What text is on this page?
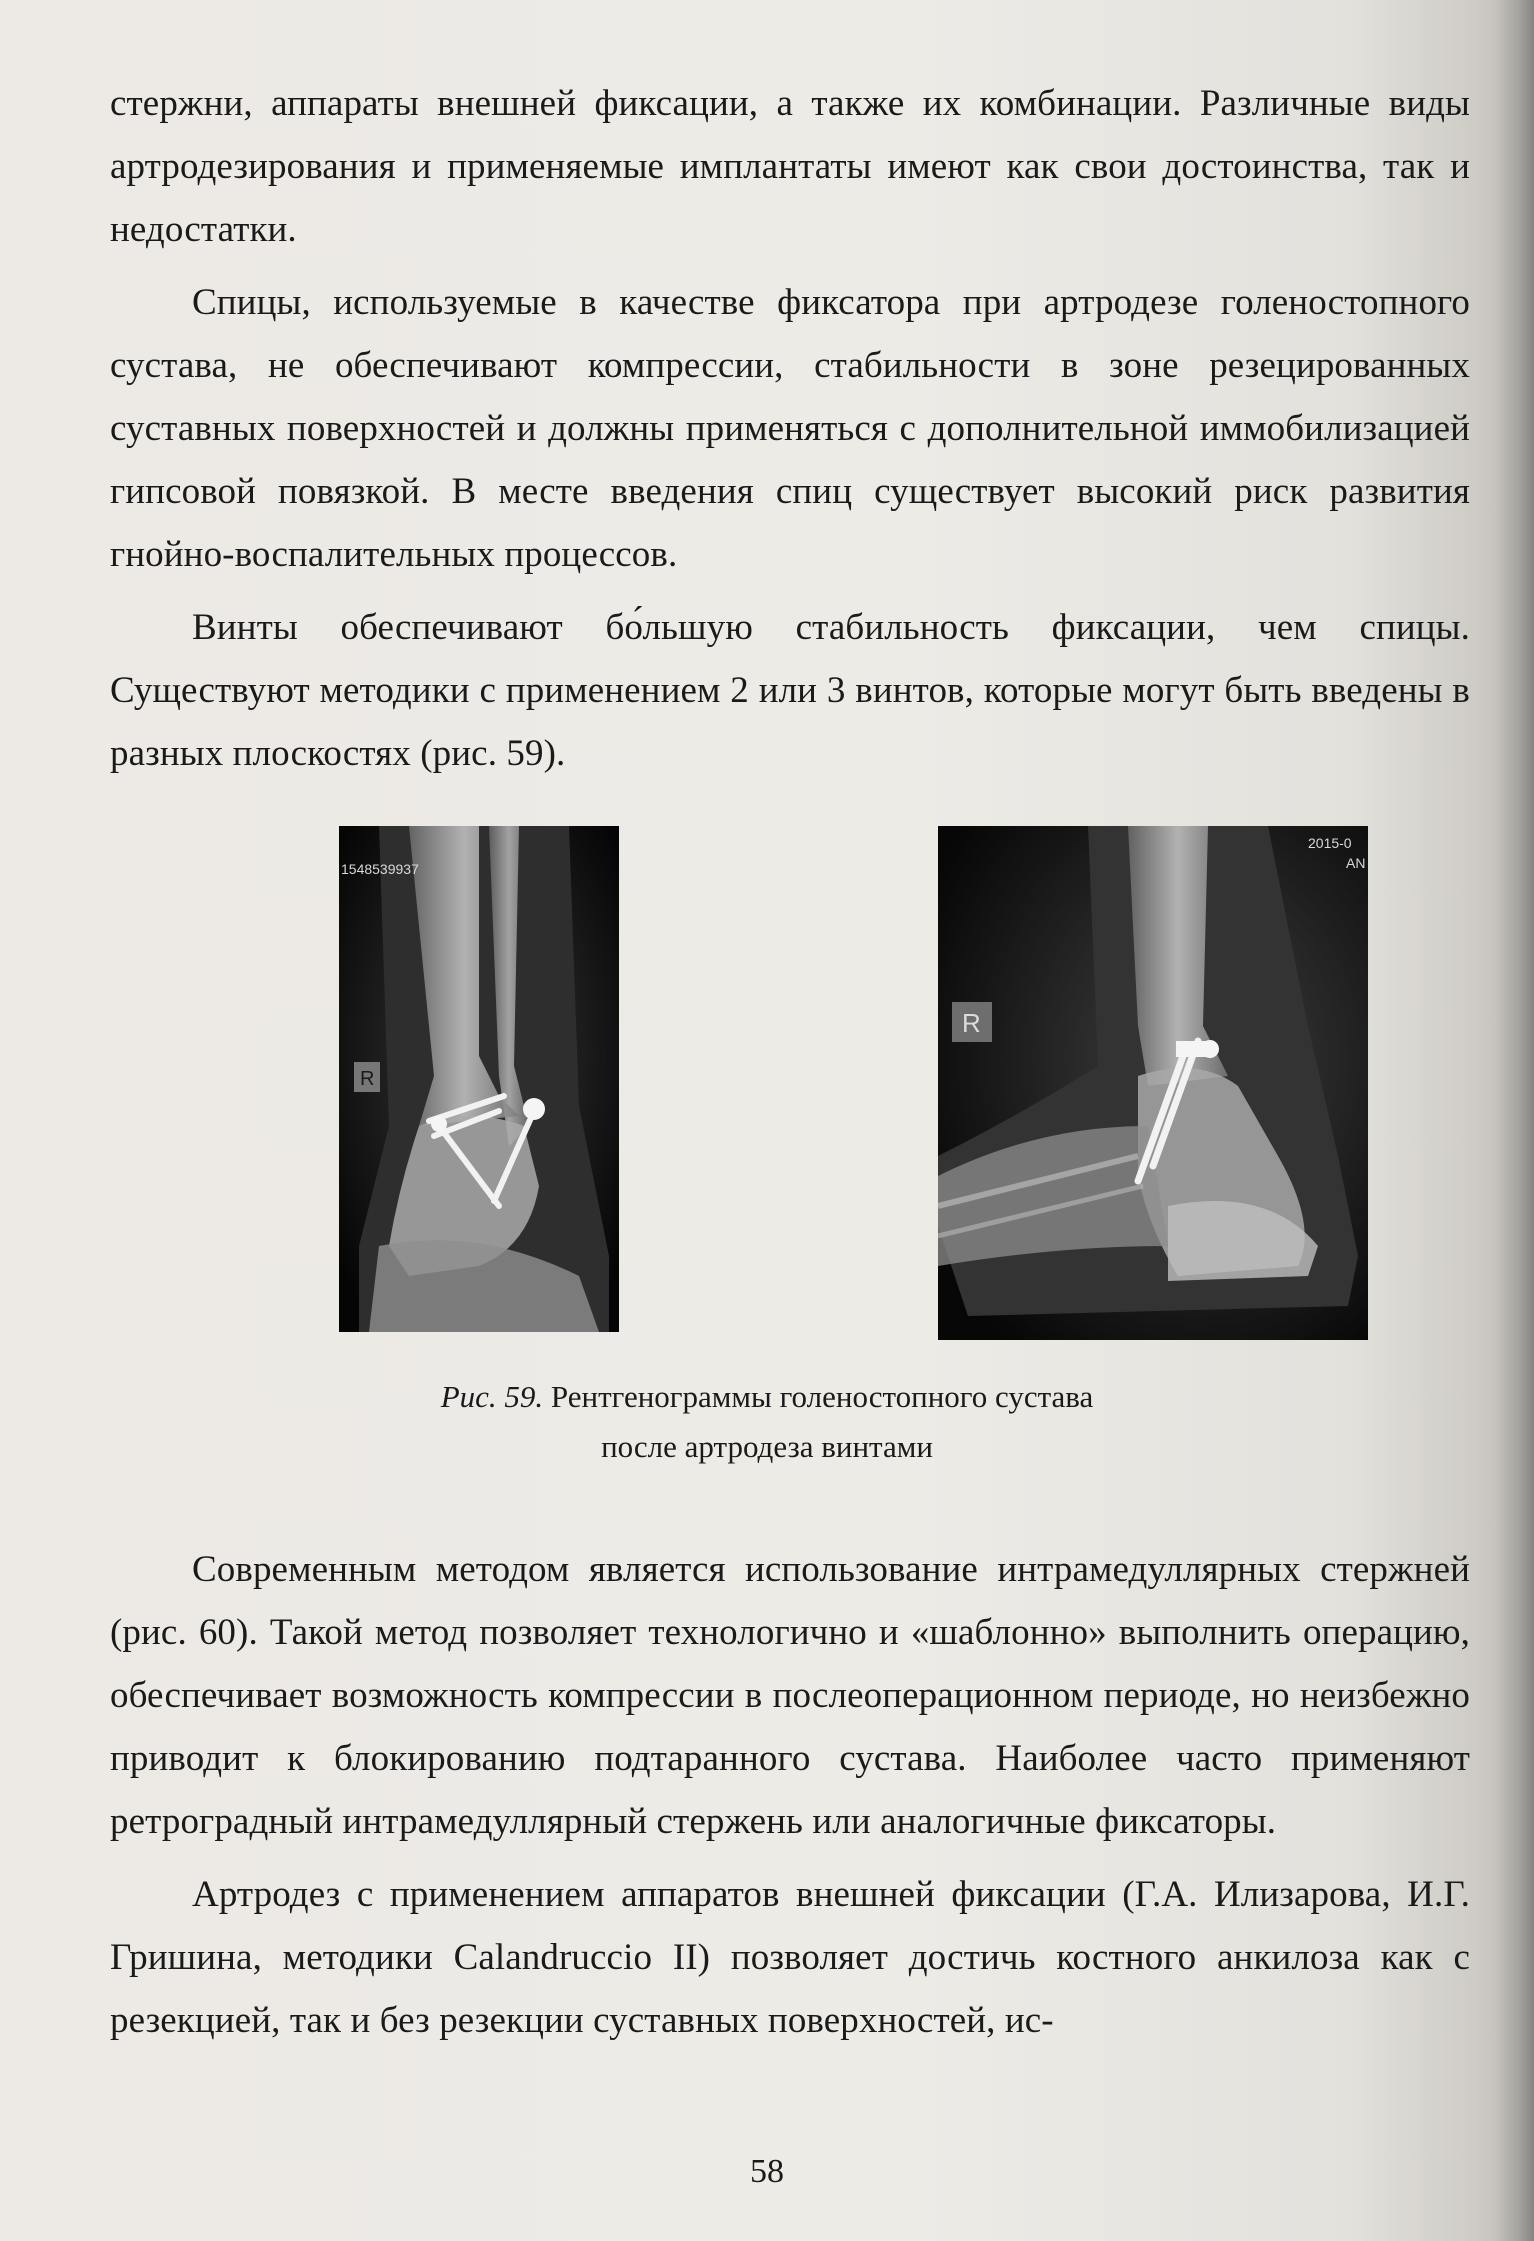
стержни, аппараты внешней фиксации, а также их комбинации. Различные виды артродезирования и применяемые имплантаты имеют как свои достоинства, так и недостатки.

Спицы, используемые в качестве фиксатора при артродезе голеностопного сустава, не обеспечивают компрессии, стабильности в зоне резецированных суставных поверхностей и должны применяться с дополнительной иммобилизацией гипсовой повязкой. В месте введения спиц существует высокий риск развития гнойно-воспалительных процессов.

Винты обеспечивают бо́льшую стабильность фиксации, чем спицы. Существуют методики с применением 2 или 3 винтов, которые могут быть введены в разных плоскостях (рис. 59).

1548539937
R
2015-0
AN
R
Рис. 59. Рентгенограммы голеностопного сустава
после артродеза винтами

Современным методом является использование интрамедуллярных стержней (рис. 60). Такой метод позволяет технологично и «шаблонно» выполнить операцию, обеспечивает возможность компрессии в послеоперационном периоде, но неизбежно приводит к блокированию подтаранного сустава. Наиболее часто применяют ретроградный интрамедуллярный стержень или аналогичные фиксаторы.

Артродез с применением аппаратов внешней фиксации (Г.А. Илизарова, И.Г. Гришина, методики Calandruccio II) позволяет достичь костного анкилоза как с резекцией, так и без резекции суставных поверхностей, ис-

58
